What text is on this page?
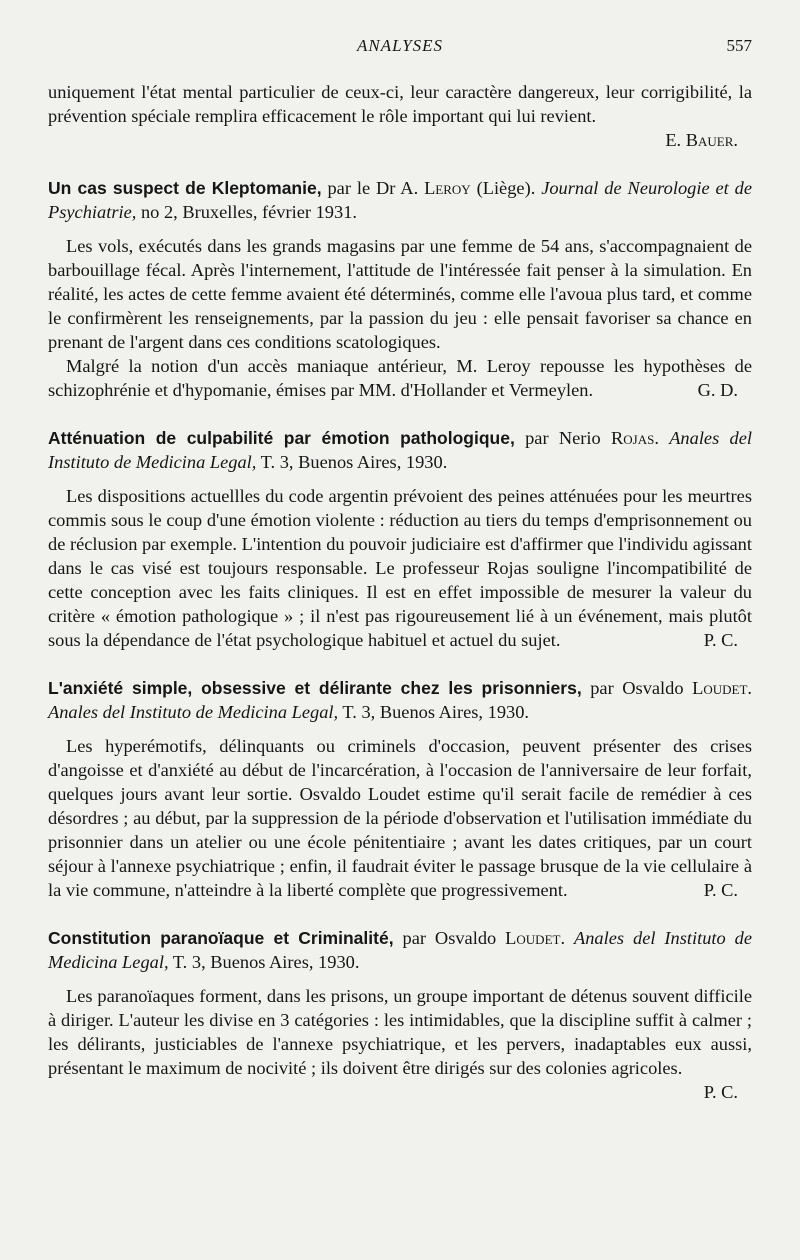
ANALYSES	557

uniquement l'état mental particulier de ceux-ci, leur caractère dangereux, leur corrigibilité, la prévention spéciale remplira efficacement le rôle important qui lui revient.

E. Bauer.
Un cas suspect de Kleptomanie, par le Dr A. Leroy (Liège). Journal de Neurologie et de Psychiatrie, no 2, Bruxelles, février 1931.

Les vols, exécutés dans les grands magasins par une femme de 54 ans, s'accompagnaient de barbouillage fécal. Après l'internement, l'attitude de l'intéressée fait penser à la simulation. En réalité, les actes de cette femme avaient été déterminés, comme elle l'avoua plus tard, et comme le confirmèrent les renseignements, par la passion du jeu : elle pensait favoriser sa chance en prenant de l'argent dans ces conditions scatologiques.

Malgré la notion d'un accès maniaque antérieur, M. Leroy repousse les hypothèses de schizophrénie et d'hypomanie, émises par MM. d'Hollander et Vermeylen.	G. D.

Atténuation de culpabilité par émotion pathologique, par Nerio Rojas. Anales del Instituto de Medicina Legal, T. 3, Buenos Aires, 1930.

Les dispositions actuellles du code argentin prévoient des peines atténuées pour les meurtres commis sous le coup d'une émotion violente : réduction au tiers du temps d'emprisonnement ou de réclusion par exemple. L'intention du pouvoir judiciaire est d'affirmer que l'individu agissant dans le cas visé est toujours responsable. Le professeur Rojas souligne l'incompatibilité de cette conception avec les faits cliniques. Il est en effet impossible de mesurer la valeur du critère « émotion pathologique » ; il n'est pas rigoureusement lié à un événement, mais plutôt sous la dépendance de l'état psychologique habituel et actuel du sujet.	P. C.

L'anxiété simple, obsessive et délirante chez les prisonniers, par Osvaldo Loudet. Anales del Instituto de Medicina Legal, T. 3, Buenos Aires, 1930.

Les hyperémotifs, délinquants ou criminels d'occasion, peuvent présenter des crises d'angoisse et d'anxiété au début de l'incarcération, à l'occasion de l'anniversaire de leur forfait, quelques jours avant leur sortie. Osvaldo Loudet estime qu'il serait facile de remédier à ces désordres ; au début, par la suppression de la période d'observation et l'utilisation immédiate du prisonnier dans un atelier ou une école pénitentiaire ; avant les dates critiques, par un court séjour à l'annexe psychiatrique ; enfin, il faudrait éviter le passage brusque de la vie cellulaire à la vie commune, n'atteindre à la liberté complète que progressivement.	P. C.

Constitution paranoïaque et Criminalité, par Osvaldo Loudet. Anales del Instituto de Medicina Legal, T. 3, Buenos Aires, 1930.

Les paranoïaques forment, dans les prisons, un groupe important de détenus souvent difficile à diriger. L'auteur les divise en 3 catégories : les intimidables, que la discipline suffit à calmer ; les délirants, justiciables de l'annexe psychiatrique, et les pervers, inadaptables eux aussi, présentant le maximum de nocivité ; ils doivent être dirigés sur des colonies agricoles.

P. C.
